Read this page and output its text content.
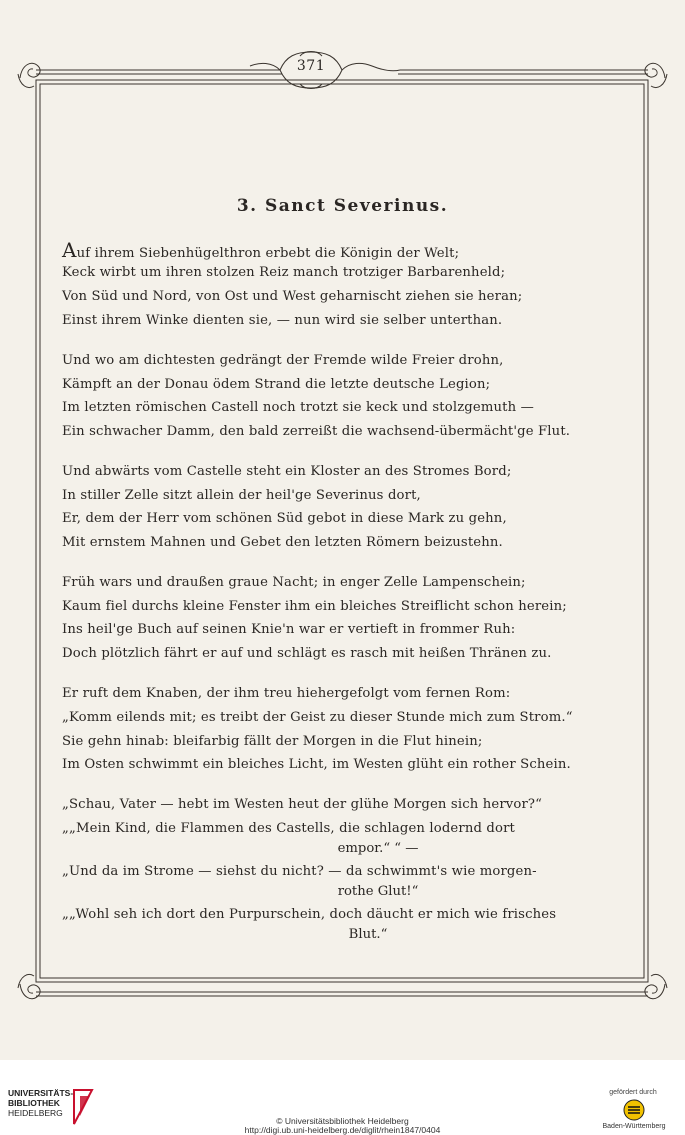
371
3. Sanct Severinus.
Auf ihrem Siebenhügelthron erbebt die Königin der Welt;
Keck wirbt um ihren stolzen Reiz manch trotziger Barbarenheld;
Von Süd und Nord, von Ost und West geharnischt ziehen sie heran;
Einst ihrem Winke dienten sie, — nun wird sie selber unterthan.
Und wo am dichtesten gedrängt der Fremde wilde Freier drohn,
Kämpft an der Donau ödem Strand die letzte deutsche Legion;
Im letzten römischen Castell noch trotzt sie keck und stolzgemuth —
Ein schwacher Damm, den bald zerreißt die wachsend-übermächt'ge Flut.
Und abwärts vom Castelle steht ein Kloster an des Stromes Bord;
In stiller Zelle sitzt allein der heil'ge Severinus dort,
Er, dem der Herr vom schönen Süd gebot in diese Mark zu gehn,
Mit ernstem Mahnen und Gebet den letzten Römern beizustehn.
Früh wars und draußen graue Nacht; in enger Zelle Lampenschein;
Kaum fiel durchs kleine Fenster ihm ein bleiches Streiflicht schon herein;
Ins heil'ge Buch auf seinen Knie'n war er vertieft in frommer Ruh:
Doch plötzlich fährt er auf und schlägt es rasch mit heißen Thränen zu.
Er ruft dem Knaben, der ihm treu hiehergefolgt vom fernen Rom:
„Komm eilends mit; es treibt der Geist zu dieser Stunde mich zum Strom.“
Sie gehn hinab: bleifarbig fällt der Morgen in die Flut hinein;
Im Osten schwimmt ein bleiches Licht, im Westen glüht ein rother Schein.
„Schau, Vater — hebt im Westen heut der glühe Morgen sich hervor?“
„„Mein Kind, die Flammen des Castells, die schlagen lodernd dort
empor.“ “ —
„Und da im Strome — siehst du nicht? — da schwimmt's wie morgen-
rothe Glut!“
„„Wohl seh ich dort den Purpurschein, doch däucht er mich wie frisches
Blut.“
UNIVERSITÄTS-
BIBLIOTHEK
HEIDELBERG
© Universitätsbibliothek Heidelberg
http://digi.ub.uni-heidelberg.de/diglit/rhein1847/0404
gefördert durch
Baden-Württemberg
